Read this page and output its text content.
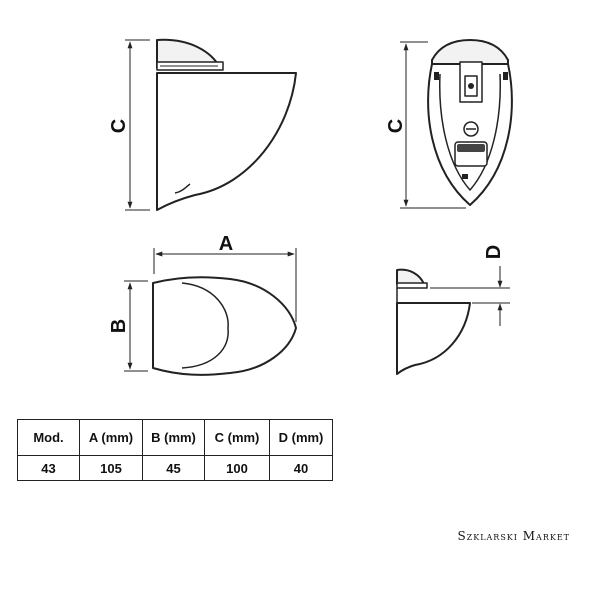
C	C
A
B
D
Mod.	A (mm)	B (mm)	C (mm)	D (mm)
43	105	45	100	40
Szklarski Market
